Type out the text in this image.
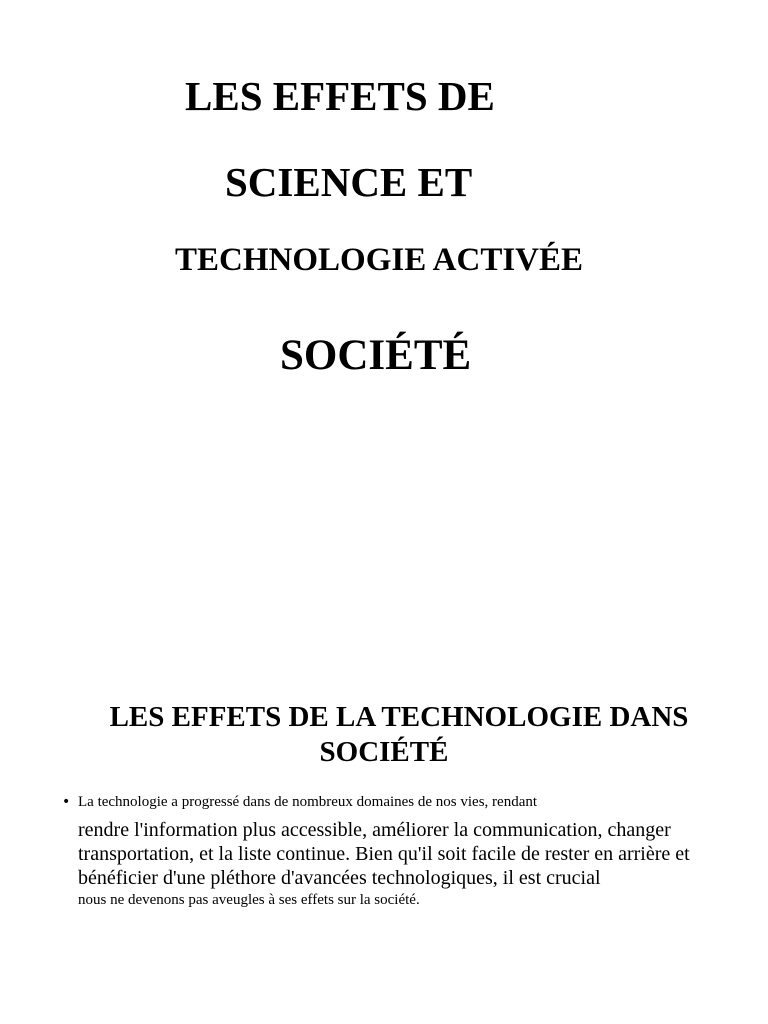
LES EFFETS DE
SCIENCE ET
TECHNOLOGIE ACTIVÉE
SOCIÉTÉ
LES EFFETS DE LA TECHNOLOGIE DANS
SOCIÉTÉ
• La technologie a progressé dans de nombreux domaines de nos vies, rendant
rendre l'information plus accessible, améliorer la communication, changer
transportation, et la liste continue. Bien qu'il soit facile de rester en arrière et
bénéficier d'une pléthore d'avancées technologiques, il est crucial
nous ne devenons pas aveugles à ses effets sur la société.
